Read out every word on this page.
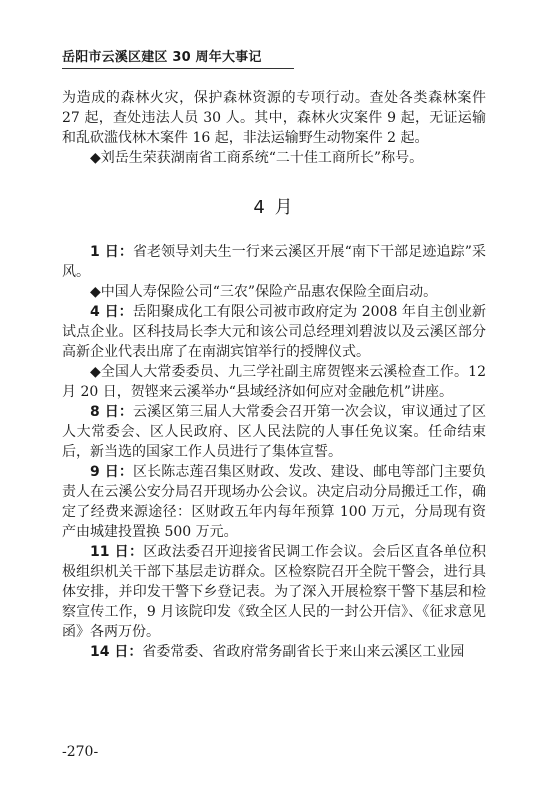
岳阳市云溪区建区 30 周年大事记

为造成的森林火灾，保护森林资源的专项行动。查处各类森林案件 27 起，查处违法人员 30 人。其中，森林火灾案件 9 起，无证运输和乱砍滥伐林木案件 16 起，非法运输野生动物案件 2 起。

◆刘岳生荣获湖南省工商系统“二十佳工商所长”称号。

4 月

1 日：省老领导刘夫生一行来云溪区开展“南下干部足迹追踪”采风。

◆中国人寿保险公司“三农”保险产品惠农保险全面启动。

4 日：岳阳聚成化工有限公司被市政府定为 2008 年自主创业新试点企业。区科技局长李大元和该公司总经理刘碧波以及云溪区部分高新企业代表出席了在南湖宾馆举行的授牌仪式。

◆全国人大常委委员、九三学社副主席贺铿来云溪检查工作。12 月 20 日，贺铿来云溪举办“县域经济如何应对金融危机”讲座。

8 日：云溪区第三届人大常委会召开第一次会议，审议通过了区人大常委会、区人民政府、区人民法院的人事任免议案。任命结束后，新当选的国家工作人员进行了集体宣誓。

9 日：区长陈志莲召集区财政、发改、建设、邮电等部门主要负责人在云溪公安分局召开现场办公会议。决定启动分局搬迁工作，确定了经费来源途径：区财政五年内每年预算 100 万元，分局现有资产由城建投置换 500 万元。

11 日：区政法委召开迎接省民调工作会议。会后区直各单位积极组织机关干部下基层走访群众。区检察院召开全院干警会，进行具体安排，并印发干警下乡登记表。为了深入开展检察干警下基层和检察宣传工作，9 月该院印发《致全区人民的一封公开信》、《征求意见函》各两万份。

14 日：省委常委、省政府常务副省长于来山来云溪区工业园

-270-
